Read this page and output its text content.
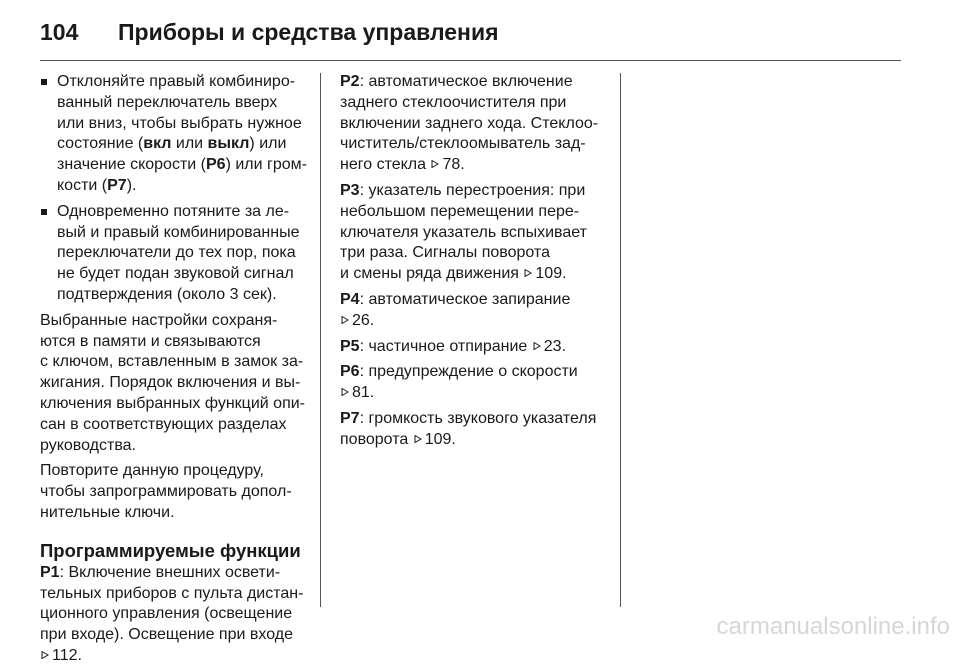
104 Приборы и средства управления
Отклоняйте правый комбиниро-
ванный переключатель вверх
или вниз, чтобы выбрать нужное
состояние (вкл или выкл) или
значение скорости (P6) или гром-
кости (P7).
Одновременно потяните за ле-
вый и правый комбинированные
переключатели до тех пор, пока
не будет подан звуковой сигнал
подтверждения (около 3 сек).

Выбранные настройки сохраня-
ются в памяти и связываются
с ключом, вставленным в замок за-
жигания. Порядок включения и вы-
ключения выбранных функций опи-
сан в соответствующих разделах
руководства.

Повторите данную процедуру,
чтобы запрограммировать допол-
нительные ключи.

Программируемые функции

P1: Включение внешних освети-
тельных приборов с пульта дистан-
ционного управления (освещение
при входе). Освещение при входе

112.

P2: автоматическое включение
заднего стеклоочистителя при
включении заднего хода. Стеклоо-
чиститель/стеклоомыватель зад-
него стекла 78.

P3: указатель перестроения: при
небольшом перемещении пере-
ключателя указатель вспыхивает
три раза. Сигналы поворота
и смены ряда движения 109.

P4: автоматическое запирание

26.

P5: частичное отпирание 23.

P6: предупреждение о скорости

81.

P7: громкость звукового указателя
поворота 109.

carmanualsonline.info
